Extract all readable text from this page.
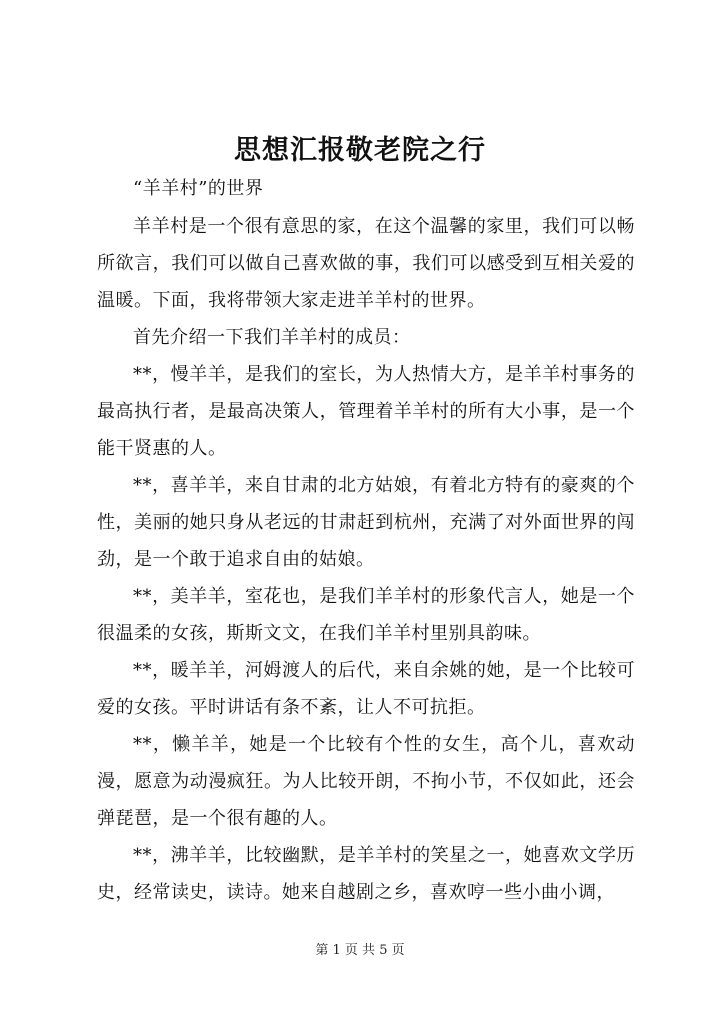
思想汇报敬老院之行

“羊羊村”的世界

羊羊村是一个很有意思的家，在这个温馨的家里，我们可以畅所欲言，我们可以做自己喜欢做的事，我们可以感受到互相关爱的温暖。下面，我将带领大家走进羊羊村的世界。

首先介绍一下我们羊羊村的成员：

**，慢羊羊，是我们的室长，为人热情大方，是羊羊村事务的最高执行者，是最高决策人，管理着羊羊村的所有大小事，是一个能干贤惠的人。

**，喜羊羊，来自甘肃的北方姑娘，有着北方特有的豪爽的个性，美丽的她只身从老远的甘肃赶到杭州，充满了对外面世界的闯劲，是一个敢于追求自由的姑娘。

**，美羊羊，室花也，是我们羊羊村的形象代言人，她是一个很温柔的女孩，斯斯文文，在我们羊羊村里别具韵味。

**，暖羊羊，河姆渡人的后代，来自余姚的她，是一个比较可爱的女孩。平时讲话有条不紊，让人不可抗拒。

**，懒羊羊，她是一个比较有个性的女生，高个儿，喜欢动漫，愿意为动漫疯狂。为人比较开朗，不拘小节，不仅如此，还会弹琵琶，是一个很有趣的人。

**，沸羊羊，比较幽默，是羊羊村的笑星之一，她喜欢文学历史，经常读史，读诗。她来自越剧之乡，喜欢哼一些小曲小调，

第 1 页 共 5 页
